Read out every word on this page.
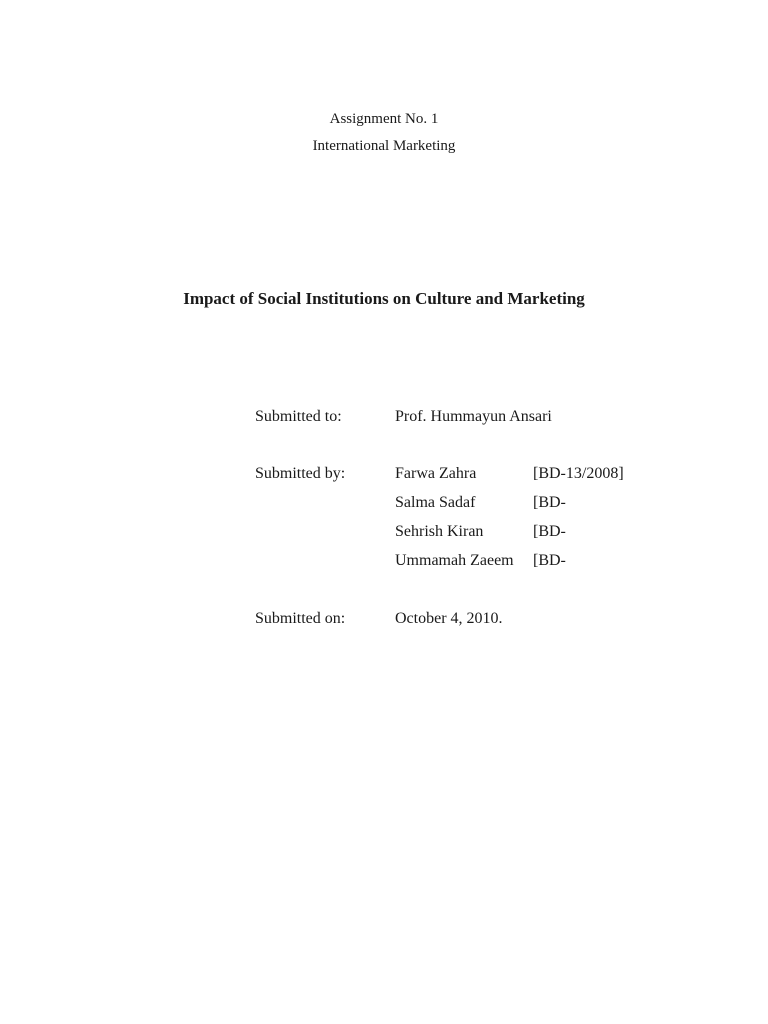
Assignment No. 1
International Marketing
Impact of Social Institutions on Culture and Marketing
Submitted to:	Prof. Hummayun Ansari
Submitted by:	Farwa Zahra	[BD-13/2008]
Salma Sadaf	[BD-
Sehrish Kiran	[BD-
Ummamah Zaeem [BD-
Submitted on:	October 4, 2010.
